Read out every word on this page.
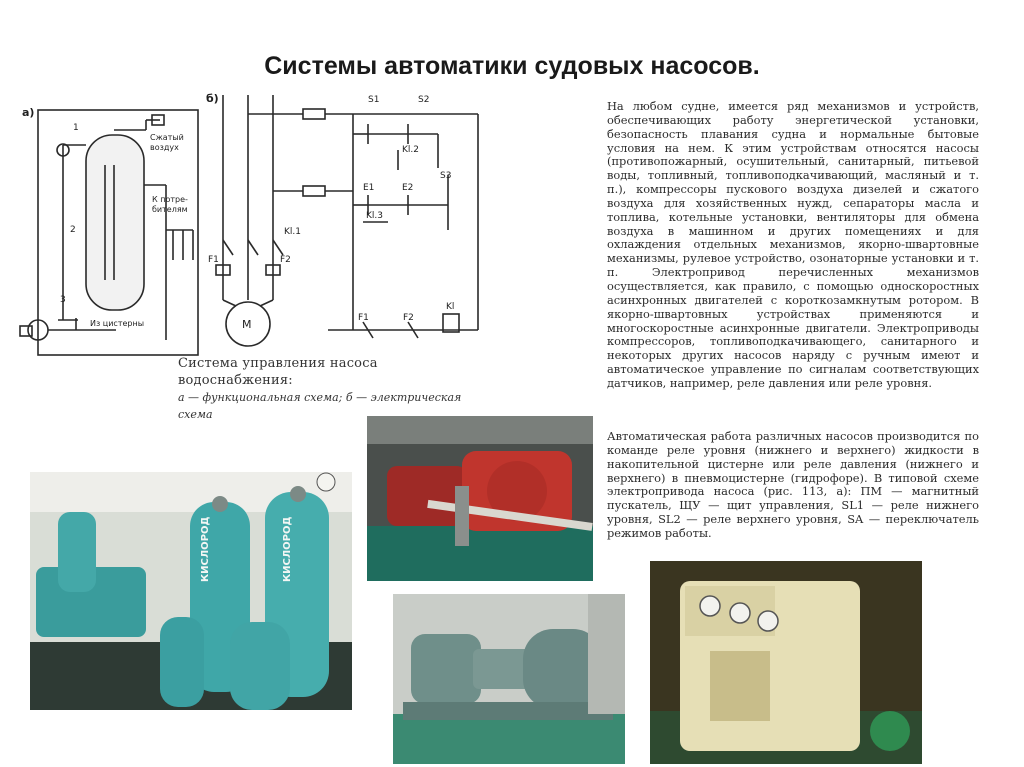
Системы автоматики судовых насосов.
а)
б)
1
2
3
Сжатый
воздух
К потре-
бителям
Из цистерны
S1	S2
S3
Kl.2
E1	E2
Kl.3
Kl.1
F1	F2
M	F1	F2
Kl
Система управления насоса водоснабжения:
а — функциональная схема; б — электрическая схема

На любом судне, имеется ряд механизмов и устройств, обеспечивающих работу энергетической установки, безопасность плавания судна и нормальные бытовые условия на нем. К этим устройствам относятся насосы (противопожарный, осушительный, санитарный, питьевой воды, топливный, топливоподкачивающий, масляный и т. п.), компрессоры пускового воздуха дизелей и сжатого воздуха для хозяйственных нужд, сепараторы масла и топлива, котельные установки, вентиляторы для обмена воздуха в машинном и других помещениях и для охлаждения отдельных механизмов, якорно-швартовные механизмы, рулевое устройство, озонаторные установки и т. п. Электропривод перечисленных механизмов осуществляется, как правило, с помощью односкоростных асинхронных двигателей с короткозамкнутым ротором. В якорно-швартовных устройствах применяются и многоскоростные асинхронные двигатели. Электроприводы компрессоров, топливоподкачивающего, санитарного и некоторых других насосов наряду с ручным имеют и автоматическое управление по сигналам соответствующих датчиков, например, реле давления или реле уровня.

Автоматическая работа различных насосов производится по команде реле уровня (нижнего и верхнего) жидкости в накопительной цистерне или реле давления (нижнего и верхнего) в пневмоцистерне (гидрофоре). В типовой схеме электропривода насоса (рис. 113, а): ПМ — магнитный пускатель, ЩУ — щит управления, SL1 — реле нижнего уровня, SL2 — реле верхнего уровня, SA — переключатель режимов работы.

КИСЛОРОД	КИСЛОРОД
